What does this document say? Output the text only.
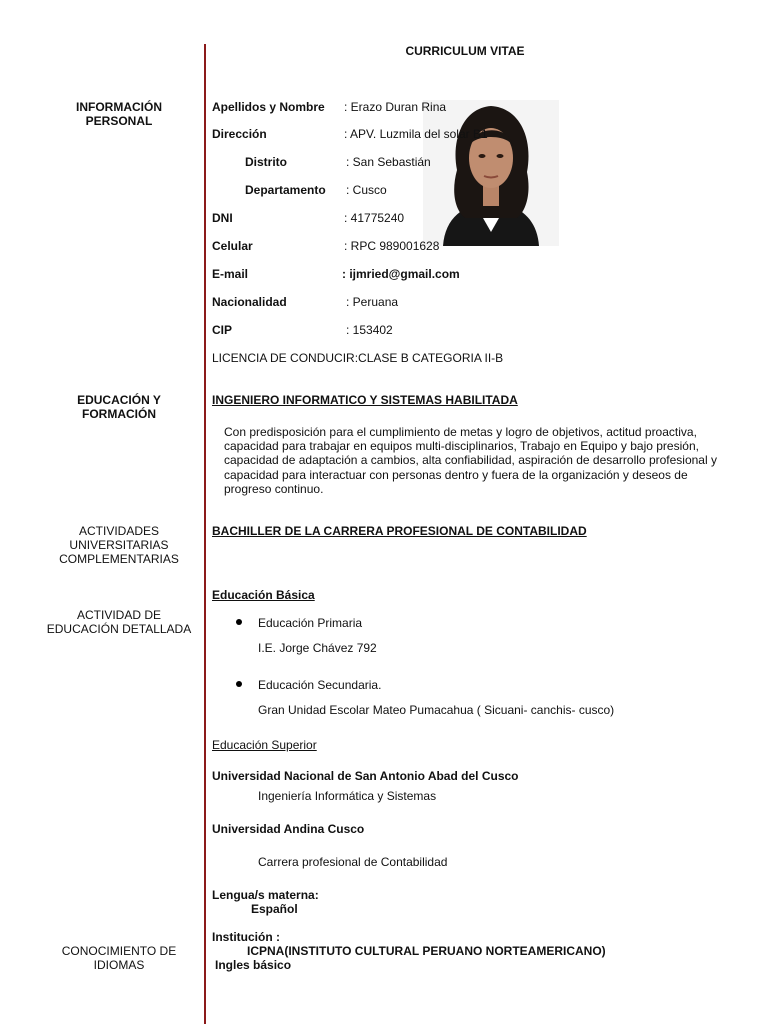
CURRICULUM VITAE
INFORMACIÓN
PERSONAL
EDUCACIÓN Y
FORMACIÓN
ACTIVIDADES
UNIVERSITARIAS
COMPLEMENTARIAS
ACTIVIDAD DE
EDUCACIÓN DETALLADA
CONOCIMIENTO DE
IDIOMAS
Apellidos y Nombre : Erazo Duran Rina
Dirección	: APV. Luzmila del solar B1
Distrito	: San Sebastián
Departamento : Cusco
DNI	: 41775240
Celular	: RPC 989001628
E-mail	: ijmried@gmail.com
Nacionalidad	: Peruana
CIP	: 153402
LICENCIA DE CONDUCIR:CLASE B CATEGORIA II-B
INGENIERO INFORMATICO Y SISTEMAS HABILITADA
Con predisposición para el cumplimiento de metas y logro de objetivos, actitud proactiva, capacidad para trabajar en equipos multi-disciplinarios, Trabajo en Equipo y bajo presión, capacidad de adaptación a cambios, alta confiabilidad, aspiración de desarrollo profesional y capacidad para interactuar con personas dentro y fuera de la organización y deseos de progreso continuo.
BACHILLER DE LA CARRERA PROFESIONAL DE CONTABILIDAD
Educación Básica
Educación Primaria
I.E. Jorge Chávez 792
Educación Secundaria.
Gran Unidad Escolar Mateo Pumacahua ( Sicuani- canchis- cusco)
Educación Superior
Universidad Nacional de San Antonio Abad del Cusco
Ingeniería Informática y Sistemas
Universidad Andina Cusco
Carrera profesional de Contabilidad
Lengua/s materna:
Español
Institución :
ICPNA(INSTITUTO CULTURAL PERUANO NORTEAMERICANO)
Ingles básico
